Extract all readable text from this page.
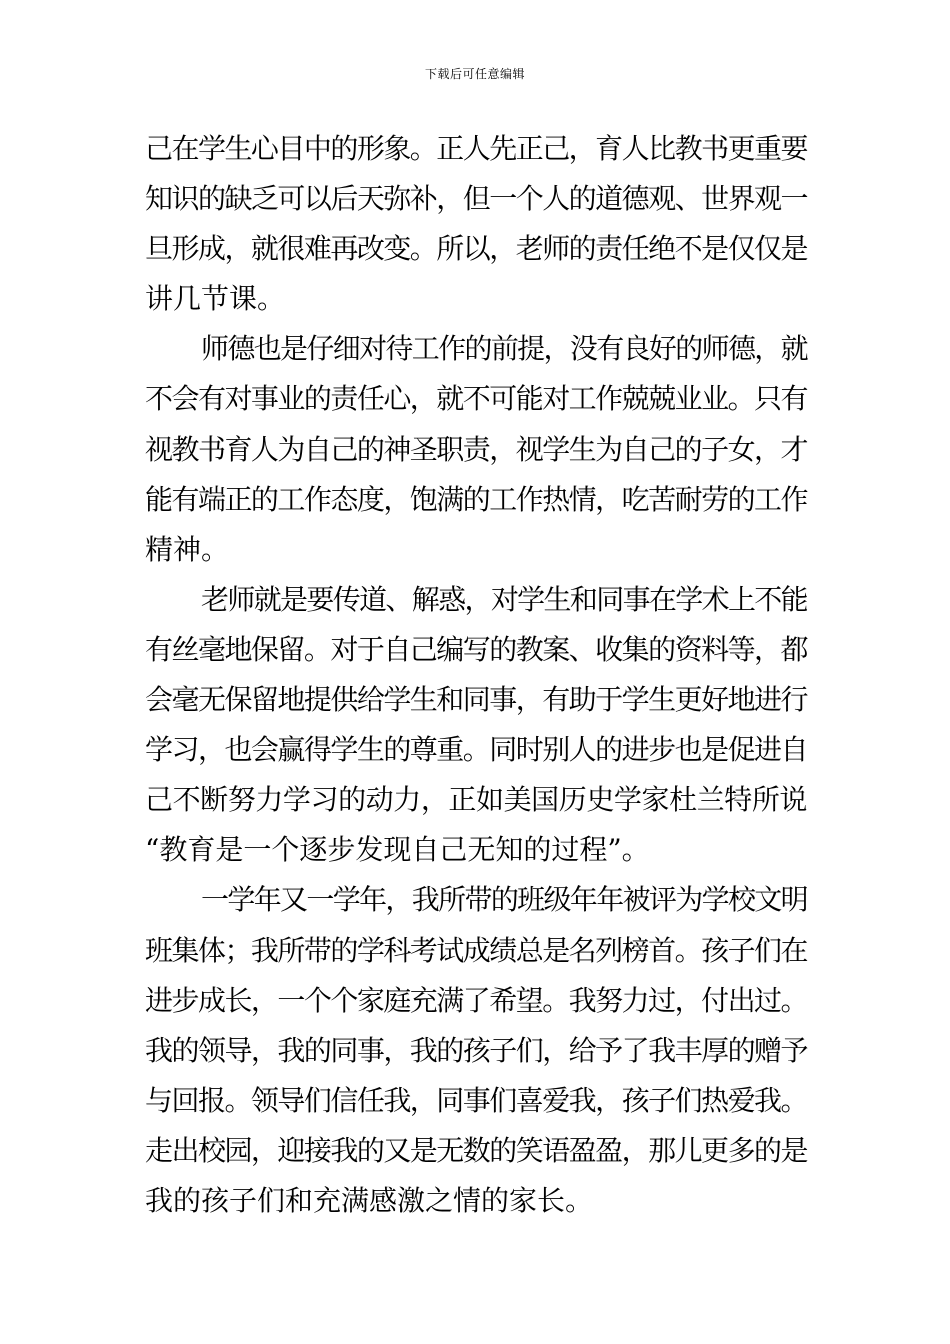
下载后可任意编辑
己在学生心目中的形象。正人先正己，育人比教书更重要
知识的缺乏可以后天弥补，但一个人的道德观、世界观一
旦形成，就很难再改变。所以，老师的责任绝不是仅仅是
讲几节课。
师德也是仔细对待工作的前提，没有良好的师德，就
不会有对事业的责任心，就不可能对工作兢兢业业。只有
视教书育人为自己的神圣职责，视学生为自己的子女，才
能有端正的工作态度，饱满的工作热情，吃苦耐劳的工作
精神。
老师就是要传道、解惑，对学生和同事在学术上不能
有丝毫地保留。对于自己编写的教案、收集的资料等，都
会毫无保留地提供给学生和同事，有助于学生更好地进行
学习，也会赢得学生的尊重。同时别人的进步也是促进自
己不断努力学习的动力，正如美国历史学家杜兰特所说
“教育是一个逐步发现自己无知的过程”。
一学年又一学年，我所带的班级年年被评为学校文明
班集体；我所带的学科考试成绩总是名列榜首。孩子们在
进步成长，一个个家庭充满了希望。我努力过，付出过。
我的领导，我的同事，我的孩子们，给予了我丰厚的赠予
与回报。领导们信任我，同事们喜爱我，孩子们热爱我。
走出校园，迎接我的又是无数的笑语盈盈，那儿更多的是
我的孩子们和充满感激之情的家长。
